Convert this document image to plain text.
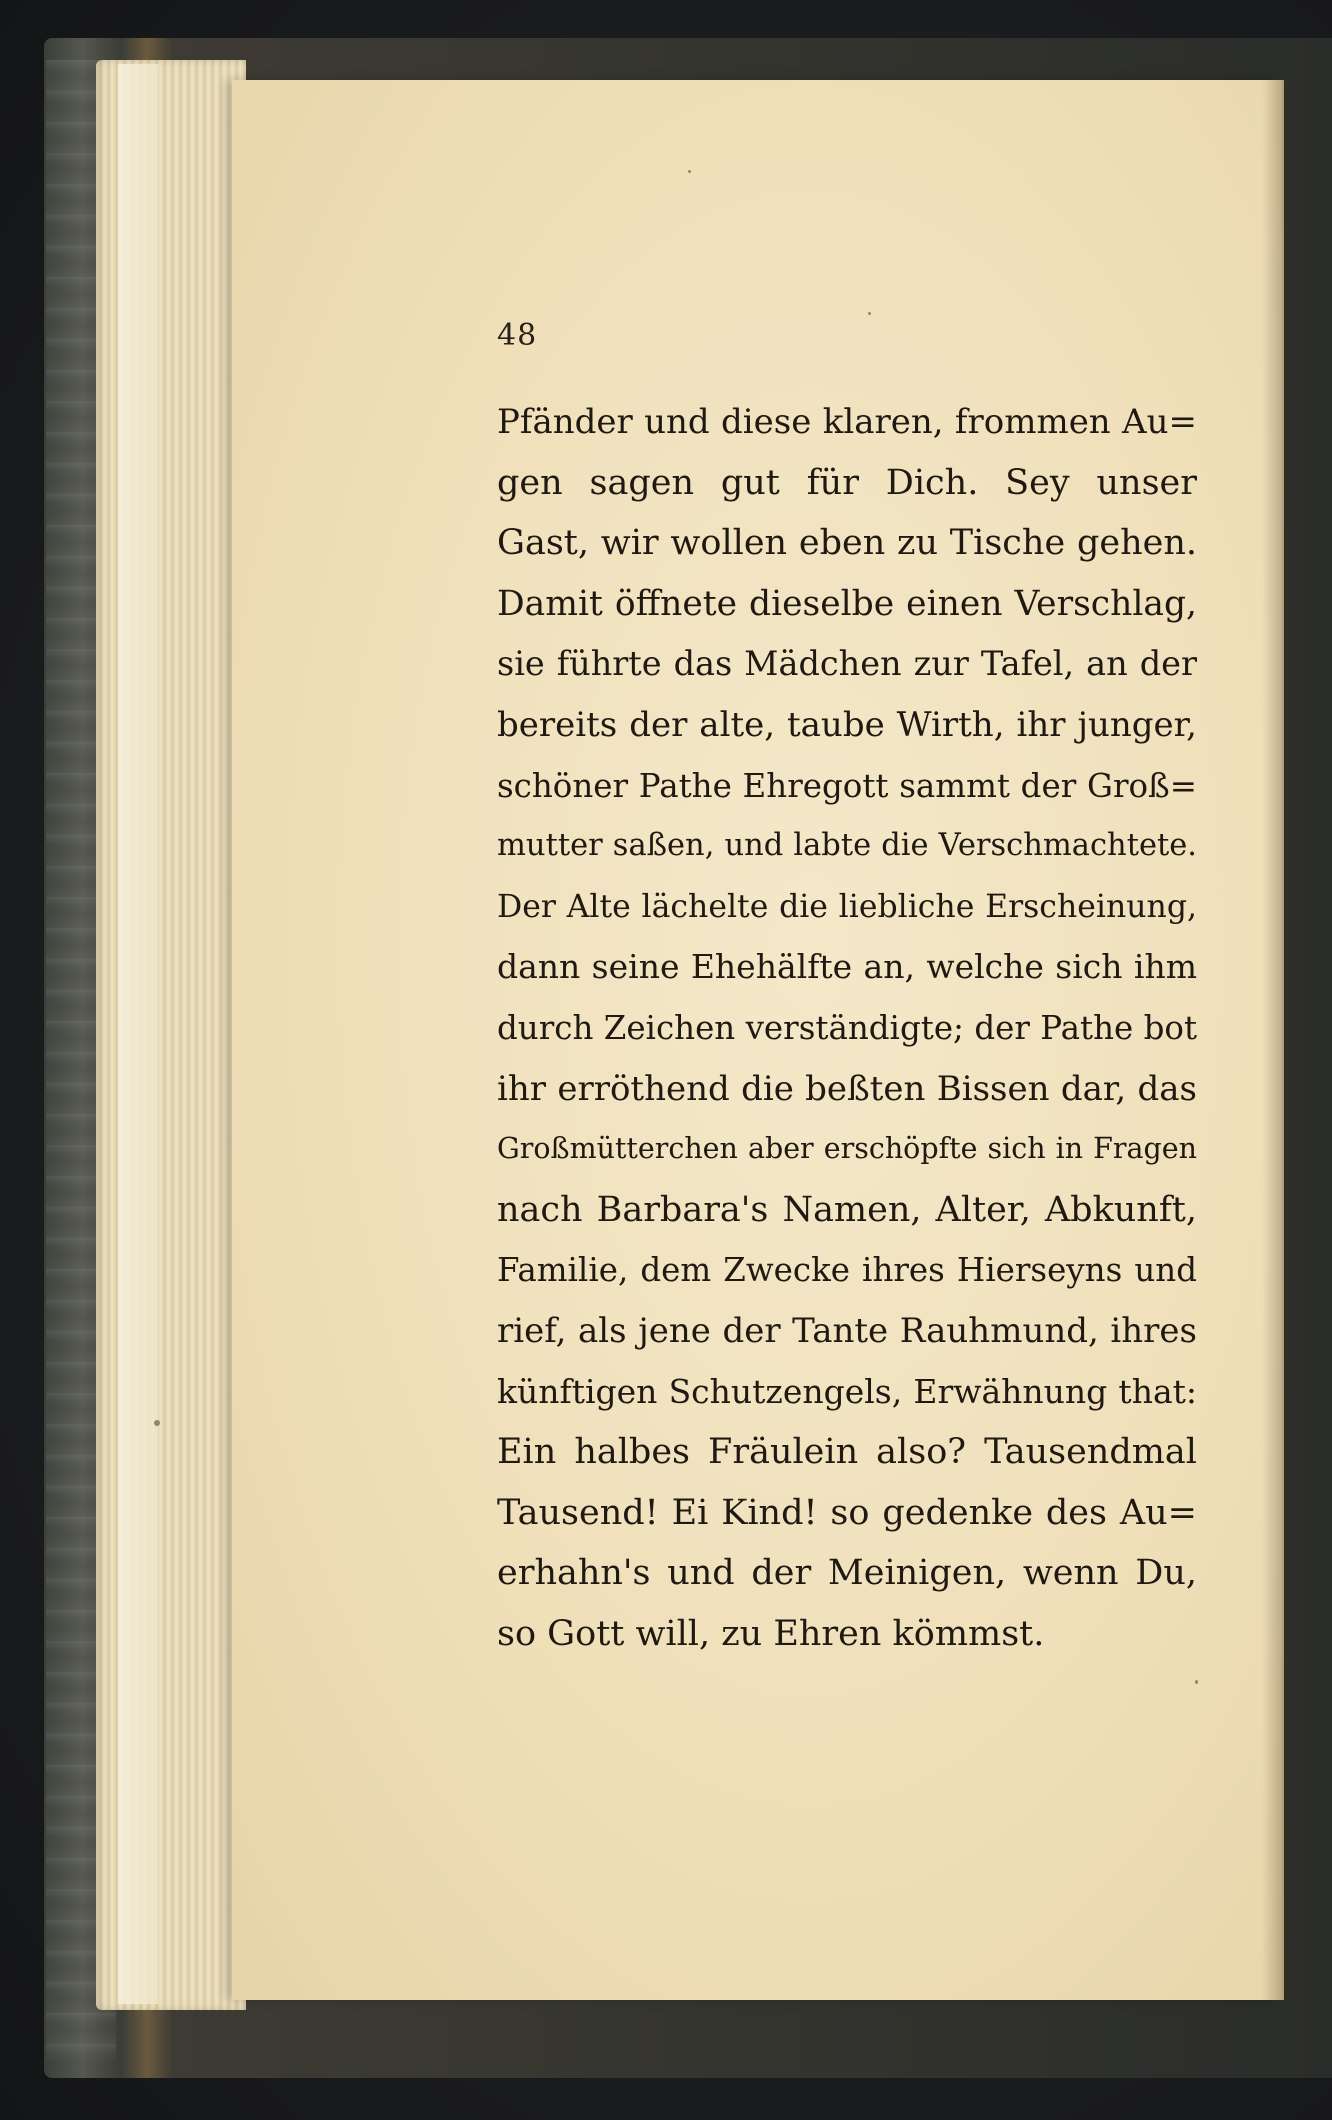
48
Pfänder und diese klaren, frommen Au=
gen sagen gut für Dich. Sey unser
Gast, wir wollen eben zu Tische gehen.
Damit öffnete dieselbe einen Verschlag,
sie führte das Mädchen zur Tafel, an der
bereits der alte, taube Wirth, ihr junger,
schöner Pathe Ehregott sammt der Groß=
mutter saßen, und labte die Verschmachtete.
Der Alte lächelte die liebliche Erscheinung,
dann seine Ehehälfte an, welche sich ihm
durch Zeichen verständigte; der Pathe bot
ihr erröthend die beßten Bissen dar, das
Großmütterchen aber erschöpfte sich in Fragen
nach Barbara's Namen, Alter, Abkunft,
Familie, dem Zwecke ihres Hierseyns und
rief, als jene der Tante Rauhmund, ihres
künftigen Schutzengels, Erwähnung that:
Ein halbes Fräulein also? Tausendmal
Tausend! Ei Kind! so gedenke des Au=
erhahn's und der Meinigen, wenn Du,
so Gott will, zu Ehren kömmst.
